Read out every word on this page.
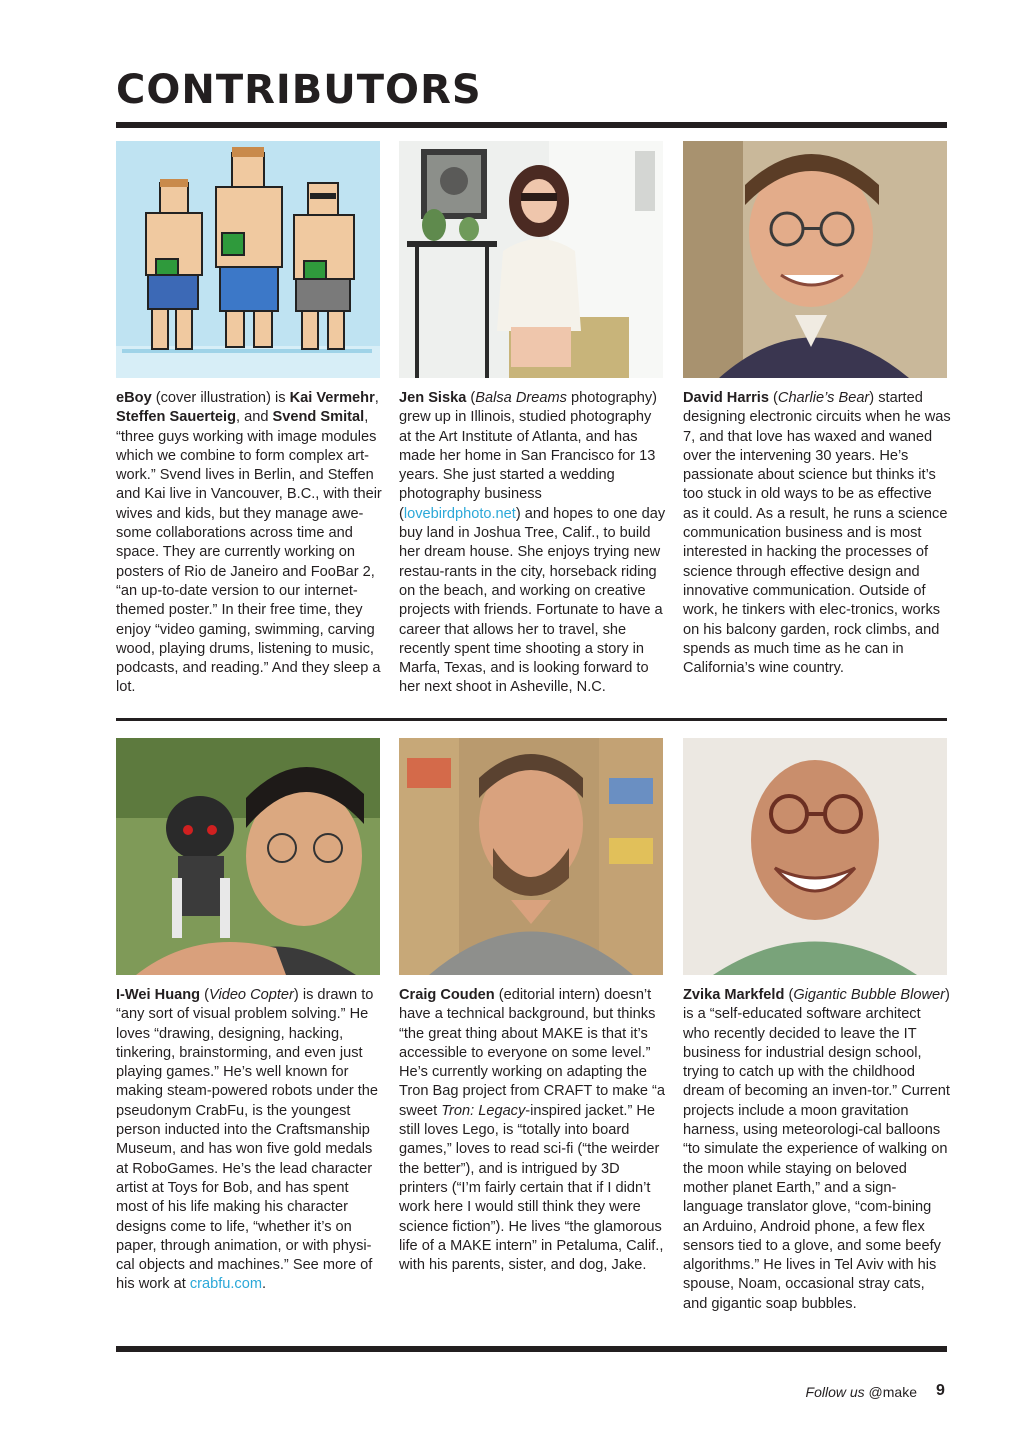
CONTRIBUTORS

eBoy (cover illustration) is Kai Vermehr, Steffen Sauerteig, and Svend Smital, “three guys working with image modules which we combine to form complex art-work.” Svend lives in Berlin, and Steffen and Kai live in Vancouver, B.C., with their wives and kids, but they manage awe-some collaborations across time and space. They are currently working on posters of Rio de Janeiro and FooBar 2, “an up-to-date version to our internet-themed poster.” In their free time, they enjoy “video gaming, swimming, carving wood, playing drums, listening to music, podcasts, and reading.” And they sleep a lot.

Jen Siska (Balsa Dreams photography) grew up in Illinois, studied photography at the Art Institute of Atlanta, and has made her home in San Francisco for 13 years. She just started a wedding photography business (lovebirdphoto.net) and hopes to one day buy land in Joshua Tree, Calif., to build her dream house. She enjoys trying new restau-rants in the city, horseback riding on the beach, and working on creative projects with friends. Fortunate to have a career that allows her to travel, she recently spent time shooting a story in Marfa, Texas, and is looking forward to her next shoot in Asheville, N.C.

David Harris (Charlie’s Bear) started designing electronic circuits when he was 7, and that love has waxed and waned over the intervening 30 years. He’s passionate about science but thinks it’s too stuck in old ways to be as effective as it could. As a result, he runs a science communication business and is most interested in hacking the processes of science through effective design and innovative communication. Outside of work, he tinkers with elec-tronics, works on his balcony garden, rock climbs, and spends as much time as he can in California’s wine country.

I-Wei Huang (Video Copter) is drawn to “any sort of visual problem solving.” He loves “drawing, designing, hacking, tinkering, brainstorming, and even just playing games.” He’s well known for making steam-powered robots under the pseudonym CrabFu, is the youngest person inducted into the Craftsmanship Museum, and has won five gold medals at RoboGames. He’s the lead character artist at Toys for Bob, and has spent most of his life making his character designs come to life, “whether it’s on paper, through animation, or with physi-cal objects and machines.” See more of his work at crabfu.com.

Craig Couden (editorial intern) doesn’t have a technical background, but thinks “the great thing about MAKE is that it’s accessible to everyone on some level.” He’s currently working on adapting the Tron Bag project from CRAFT to make “a sweet Tron: Legacy-inspired jacket.” He still loves Lego, is “totally into board games,” loves to read sci-fi (“the weirder the better”), and is intrigued by 3D printers (“I’m fairly certain that if I didn’t work here I would still think they were science fiction”). He lives “the glamorous life of a MAKE intern” in Petaluma, Calif., with his parents, sister, and dog, Jake.

Zvika Markfeld (Gigantic Bubble Blower) is a “self-educated software architect who recently decided to leave the IT business for industrial design school, trying to catch up with the childhood dream of becoming an inven-tor.” Current projects include a moon gravitation harness, using meteorologi-cal balloons “to simulate the experience of walking on the moon while staying on beloved mother planet Earth,” and a sign-language translator glove, “com-bining an Arduino, Android phone, a few flex sensors tied to a glove, and some beefy algorithms.” He lives in Tel Aviv with his spouse, Noam, occasional stray cats, and gigantic soap bubbles.

Follow us @make 9
